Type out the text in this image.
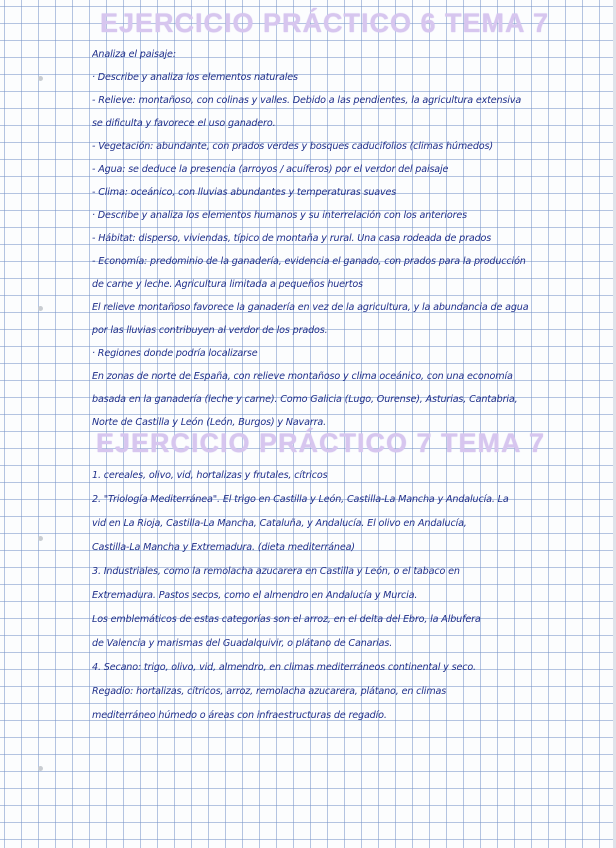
EJERCICIO PRÁCTICO 6 TEMA 7
Analiza el paisaje:
· Describe y analiza los elementos naturales
- Relieve: montañoso, con colinas y valles. Debido a las pendientes, la agricultura extensiva
se dificulta y favorece el uso ganadero.
- Vegetación: abundante, con prados verdes y bosques caducifolios (climas húmedos)
- Agua: se deduce la presencia (arroyos / acuíferos) por el verdor del paisaje
- Clima: oceánico, con lluvias abundantes y temperaturas suaves
· Describe y analiza los elementos humanos y su interrelación con los anteriores
- Hábitat: disperso, viviendas, típico de montaña y rural. Una casa rodeada de prados
- Economía: predominio de la ganadería, evidencia el ganado, con prados para la producción
de carne y leche. Agricultura limitada a pequeños huertos
El relieve montañoso favorece la ganadería en vez de la agricultura, y la abundancia de agua
por las lluvias contribuyen al verdor de los prados.
· Regiones donde podría localizarse
En zonas de norte de España, con relieve montañoso y clima oceánico, con una economía
basada en la ganadería (leche y carne). Como Galicia (Lugo, Ourense), Asturias, Cantabria,
Norte de Castilla y León (León, Burgos) y Navarra.
EJERCICIO PRÁCTICO 7 TEMA 7
1. cereales, olivo, vid, hortalizas y frutales, cítricos
2. "Triología Mediterránea". El trigo en Castilla y León, Castilla-La Mancha y Andalucía. La
vid en La Rioja, Castilla-La Mancha, Cataluña, y Andalucía. El olivo en Andalucía,
Castilla-La Mancha y Extremadura. (dieta mediterránea)
3. Industriales, como la remolacha azucarera en Castilla y León, o el tabaco en
Extremadura. Pastos secos, como el almendro en Andalucía y Murcia.
Los emblemáticos de estas categorías son el arroz, en el delta del Ebro, la Albufera
de Valencia y marismas del Guadalquivir, o plátano de Canarias.
4. Secano: trigo, olivo, vid, almendro, en climas mediterráneos continental y seco.
Regadío: hortalizas, cítricos, arroz, remolacha azucarera, plátano, en climas
mediterráneo húmedo o áreas con infraestructuras de regadío.
